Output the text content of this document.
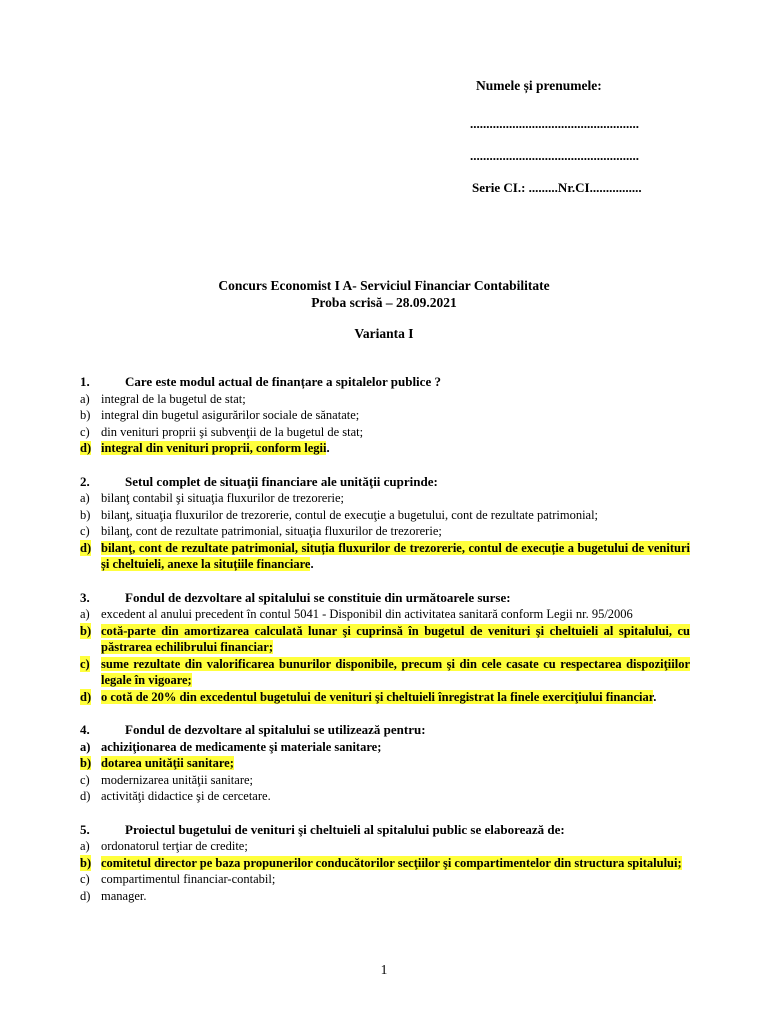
Numele și prenumele:
....................................................
....................................................
Serie CI.: .........Nr.CI................
Concurs Economist I A- Serviciul Financiar Contabilitate
Proba scrisă – 28.09.2021
Varianta I
1.	Care este modul actual de finanțare a spitalelor publice ?
a) integral de la bugetul de stat;
b) integral din bugetul asigurărilor sociale de sănatate;
c) din venituri proprii şi subvenţii de la bugetul de stat;
d) integral din venituri proprii, conform legii.
2.	Setul complet de situaţii financiare ale unităţii cuprinde:
a) bilanţ contabil şi situaţia fluxurilor de trezorerie;
b) bilanţ, situaţia fluxurilor de trezorerie, contul de execuţie a bugetului, cont de rezultate patrimonial;
c) bilanţ, cont de rezultate patrimonial, situaţia fluxurilor de trezorerie;
d) bilanţ, cont de rezultate patrimonial, situția fluxurilor de trezorerie, contul de execuție a bugetului de venituri și cheltuieli, anexe la situțiile financiare.
3.	Fondul de dezvoltare al spitalului se constituie din următoarele surse:
a) excedent al anului precedent în contul 5041 - Disponibil din activitatea sanitară conform Legii nr. 95/2006
b) cotă-parte din amortizarea calculată lunar şi cuprinsă în bugetul de venituri şi cheltuieli al spitalului, cu păstrarea echilibrului financiar;
c) sume rezultate din valorificarea bunurilor disponibile, precum şi din cele casate cu respectarea dispoziţiilor legale în vigoare;
d) o cotă de 20% din excedentul bugetului de venituri şi cheltuieli înregistrat la finele exerciţiului financiar.
4.	Fondul de dezvoltare al spitalului se utilizează pentru:
a) achiziţionarea de medicamente şi materiale sanitare;
b) dotarea unităţii sanitare;
c) modernizarea unităţii sanitare;
d) activităţi didactice şi de cercetare.
5.	Proiectul bugetului de venituri şi cheltuieli al spitalului public se elaborează de:
a) ordonatorul terţiar de credite;
b) comitetul director pe baza propunerilor conducătorilor secţiilor şi compartimentelor din structura spitalului;
c) compartimentul financiar-contabil;
d) manager.
1
